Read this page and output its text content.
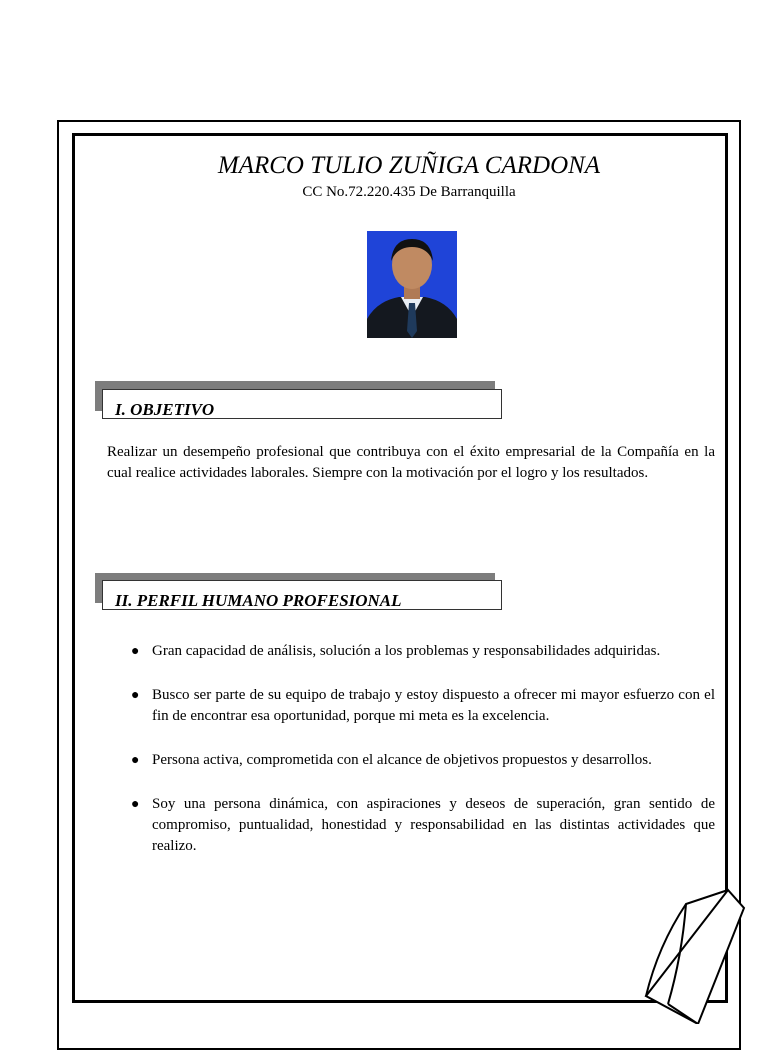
MARCO TULIO ZUÑIGA CARDONA
CC No.72.220.435 De Barranquilla
I. OBJETIVO
Realizar un desempeño profesional que contribuya con el éxito empresarial de la Compañía en la cual realice actividades laborales. Siempre con la motivación por el logro y los resultados.
II. PERFIL HUMANO PROFESIONAL
● Gran capacidad de análisis, solución a los problemas y responsabilidades adquiridas.
● Busco ser parte de su equipo de trabajo y estoy dispuesto a ofrecer mi mayor esfuerzo con el fin de encontrar esa oportunidad, porque mi meta es la excelencia.
● Persona activa, comprometida con el alcance de objetivos propuestos y desarrollos.
● Soy una persona dinámica, con aspiraciones y deseos de superación, gran sentido de compromiso, puntualidad, honestidad y responsabilidad en las distintas actividades que realizo.
